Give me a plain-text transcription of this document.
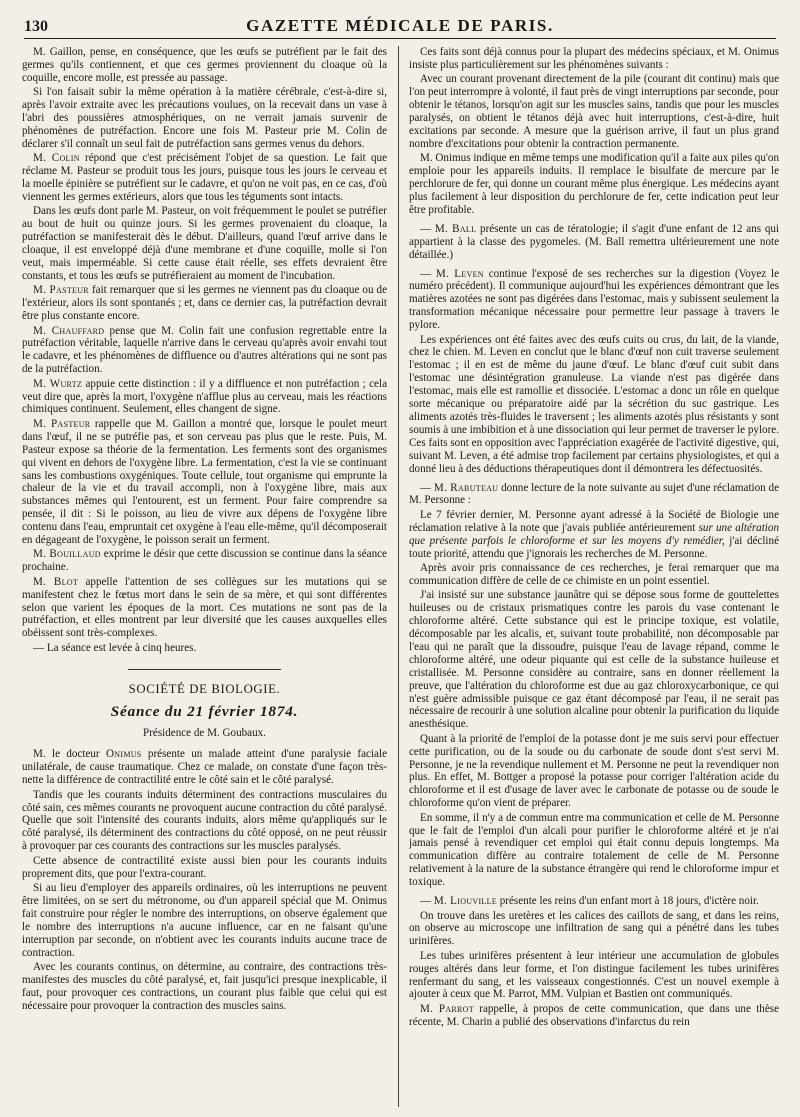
130	GAZETTE MÉDICALE DE PARIS.

M. Gaillon, pense, en conséquence, que les œufs se putréfient par le fait des germes qu'ils contiennent, et que ces germes proviennent du cloaque où la coquille, encore molle, est pressée au passage.

Si l'on faisait subir la même opération à la matière cérébrale, c'est-à-dire si, après l'avoir extraite avec les précautions voulues, on la recevait dans un vase à l'abri des poussières atmosphériques, on ne verrait jamais survenir de phénomènes de putréfaction. Encore une fois M. Pasteur prie M. Colin de déclarer s'il connaît un seul fait de putréfaction sans germes venus du dehors.

M. Colin répond que c'est précisément l'objet de sa question. Le fait que réclame M. Pasteur se produit tous les jours, puisque tous les jours le cerveau et la moelle épinière se putréfient sur le cadavre, et qu'on ne voit pas, en ce cas, d'où viennent les germes extérieurs, alors que tous les téguments sont intacts.

Dans les œufs dont parle M. Pasteur, on voit fréquemment le poulet se putréfier au bout de huit ou quinze jours. Si les germes provenaient du cloaque, la putréfaction se manifesterait dès le début. D'ailleurs, quand l'œuf arrive dans le cloaque, il est enveloppé déjà d'une membrane et d'une coquille, molle si l'on veut, mais imperméable. Si cette cause était réelle, ses effets devraient être constants, et tous les œufs se putréfieraient au moment de l'incubation.

M. Pasteur fait remarquer que si les germes ne viennent pas du cloaque ou de l'extérieur, alors ils sont spontanés ; et, dans ce dernier cas, la putréfaction devrait être plus constante encore.

M. Chauffard pense que M. Colin fait une confusion regrettable entre la putréfaction véritable, laquelle n'arrive dans le cerveau qu'après avoir envahi tout le cadavre, et les phénomènes de diffluence ou d'autres altérations qui ne sont pas de la putréfaction.

M. Wurtz appuie cette distinction : il y a diffluence et non putréfaction ; cela veut dire que, après la mort, l'oxygène n'afflue plus au cerveau, mais les réactions chimiques continuent. Seulement, elles changent de signe.

M. Pasteur rappelle que M. Gaillon a montré que, lorsque le poulet meurt dans l'œuf, il ne se putréfie pas, et son cerveau pas plus que le reste. Puis, M. Pasteur expose sa théorie de la fermentation. Les ferments sont des organismes qui vivent en dehors de l'oxygène libre. La fermentation, c'est la vie se continuant sans les combustions oxygéniques. Toute cellule, tout organisme qui emprunte la chaleur de la vie et du travail accompli, non à l'oxygène libre, mais aux substances mêmes qui l'entourent, est un ferment. Pour faire comprendre sa pensée, il dit : Si le poisson, au lieu de vivre aux dépens de l'oxygène libre contenu dans l'eau, empruntait cet oxygène à l'eau elle-même, qu'il décomposerait en dégageant de l'oxygène, le poisson serait un ferment.

M. Bouillaud exprime le désir que cette discussion se continue dans la séance prochaine.

M. Blot appelle l'attention de ses collègues sur les mutations qui se manifestent chez le fœtus mort dans le sein de sa mère, et qui sont différentes selon que varient les époques de la mort. Ces mutations ne sont pas de la putréfaction, et elles montrent par leur diversité que les causes auxquelles elles obéissent sont très-complexes.

— La séance est levée à cinq heures.

SOCIÉTÉ DE BIOLOGIE.
Séance du 21 février 1874.
Présidence de M. Goubaux.

M. le docteur Onimus présente un malade atteint d'une paralysie faciale unilatérale, de cause traumatique. Chez ce malade, on constate d'une façon très-nette la différence de contractilité entre le côté sain et le côté paralysé.

Tandis que les courants induits déterminent des contractions musculaires du côté sain, ces mêmes courants ne provoquent aucune contraction du côté paralysé. Quelle que soit l'intensité des courants induits, alors même qu'appliqués sur le côté paralysé, ils déterminent des contractions du côté opposé, on ne peut réussir à provoquer par ces courants des contractions sur les muscles paralysés.

Cette absence de contractilité existe aussi bien pour les courants induits proprement dits, que pour l'extra-courant.

Si au lieu d'employer des appareils ordinaires, où les interruptions ne peuvent être limitées, on se sert du métronome, ou d'un appareil spécial que M. Onimus fait construire pour régler le nombre des interruptions, on observe également que le nombre des interruptions n'a aucune influence, car en ne faisant qu'une interruption par seconde, on n'obtient avec les courants induits aucune trace de contraction.

Avec les courants continus, on détermine, au contraire, des contractions très-manifestes des muscles du côté paralysé, et, fait jusqu'ici presque inexplicable, il faut, pour provoquer ces contractions, un courant plus faible que celui qui est nécessaire pour provoquer la contraction des muscles sains.

Ces faits sont déjà connus pour la plupart des médecins spéciaux, et M. Onimus insiste plus particulièrement sur les phénomènes suivants :

Avec un courant provenant directement de la pile (courant dit continu) mais que l'on peut interrompre à volonté, il faut près de vingt interruptions par seconde, pour obtenir le tétanos, lorsqu'on agit sur les muscles sains, tandis que pour les muscles paralysés, on obtient le tétanos déjà avec huit interruptions, c'est-à-dire, huit excitations par seconde. A mesure que la guérison arrive, il faut un plus grand nombre d'excitations pour obtenir la contraction permanente.

M. Onimus indique en même temps une modification qu'il a faite aux piles qu'on emploie pour les appareils induits. Il remplace le bisulfate de mercure par le perchlorure de fer, qui donne un courant même plus énergique. Les médecins ayant plus facilement à leur disposition du perchlorure de fer, cette indication peut leur être profitable.

— M. Ball présente un cas de tératologie; il s'agit d'une enfant de 12 ans qui appartient à la classe des pygomeles. (M. Ball remettra ultérieurement une note détaillée.)

— M. Leven continue l'exposé de ses recherches sur la digestion (Voyez le numéro précédent). Il communique aujourd'hui les expériences démontrant que les matières azotées ne sont pas digérées dans l'estomac, mais y subissent seulement la transformation mécanique nécessaire pour permettre leur passage à travers le pylore.

Les expériences ont été faites avec des œufs cuits ou crus, du lait, de la viande, chez le chien. M. Leven en conclut que le blanc d'œuf non cuit traverse seulement l'estomac ; il en est de même du jaune d'œuf. Le blanc d'œuf cuit subit dans l'estomac une désintégration granuleuse. La viande n'est pas digérée dans l'estomac, mais elle est ramollie et dissociée. L'estomac a donc un rôle en quelque sorte mécanique ou préparatoire aidé par la sécrétion du suc gastrique. Les aliments azotés très-fluides le traversent ; les aliments azotés plus résistants y sont soumis à une imbibition et à une dissociation qui leur permet de traverser le pylore. Ces faits sont en opposition avec l'appréciation exagérée de l'activité digestive, qui, suivant M. Leven, a été admise trop facilement par certains physiologistes, et qui a donné lieu à des déductions thérapeutiques dont il démontrera les défectuosités.

— M. Rabuteau donne lecture de la note suivante au sujet d'une réclamation de M. Personne :

Le 7 février dernier, M. Personne ayant adressé à la Société de Biologie une réclamation relative à la note que j'avais publiée antérieurement sur une altération que présente parfois le chloroforme et sur les moyens d'y remédier, j'ai décliné toute priorité, attendu que j'ignorais les recherches de M. Personne.

Après avoir pris connaissance de ces recherches, je ferai remarquer que ma communication diffère de celle de ce chimiste en un point essentiel.

J'ai insisté sur une substance jaunâtre qui se dépose sous forme de gouttelettes huileuses ou de cristaux prismatiques contre les parois du vase contenant le chloroforme altéré. Cette substance qui est le principe toxique, est volatile, décomposable par les alcalis, et, suivant toute probabilité, non décomposable par l'eau qui ne paraît que la dissoudre, puisque l'eau de lavage répand, comme le chloroforme altéré, une odeur piquante qui est celle de la substance huileuse et cristallisée. M. Personne considère au contraire, sans en donner réellement la preuve, que l'altération du chloroforme est due au gaz chloroxycarbonique, ce qui n'est guère admissible puisque ce gaz étant décomposé par l'eau, il ne serait pas nécessaire de recourir à une solution alcaline pour obtenir la purification du liquide anesthésique.

Quant à la priorité de l'emploi de la potasse dont je me suis servi pour effectuer cette purification, ou de la soude ou du carbonate de soude dont s'est servi M. Personne, je ne la revendique nullement et M. Personne ne peut la revendiquer non plus. En effet, M. Bottger a proposé la potasse pour corriger l'altération acide du chloroforme et il est d'usage de laver avec le carbonate de potasse ou de soude le chloroforme qu'on vient de préparer.

En somme, il n'y a de commun entre ma communication et celle de M. Personne que le fait de l'emploi d'un alcali pour purifier le chloroforme altéré et je n'ai jamais pensé à revendiquer cet emploi qui était connu depuis longtemps. Ma communication diffère au contraire totalement de celle de M. Personne relativement à la nature de la substance étrangère qui rend le chloroforme impur et toxique.

— M. Liouville présente les reins d'un enfant mort à 18 jours, d'ictère noir.

On trouve dans les uretères et les calices des caillots de sang, et dans les reins, on observe au microscope une infiltration de sang qui a pénétré dans les tubes urinifères.

Les tubes urinifères présentent à leur intérieur une accumulation de globules rouges altérés dans leur forme, et l'on distingue facilement les tubes urinifères renfermant du sang, et les vaisseaux congestionnés. C'est un nouvel exemple à ajouter à ceux que M. Parrot, MM. Vulpian et Bastien ont communiqués.

M. Parrot rappelle, à propos de cette communication, que dans une thèse récente, M. Charin a publié des observations d'infarctus du rein
